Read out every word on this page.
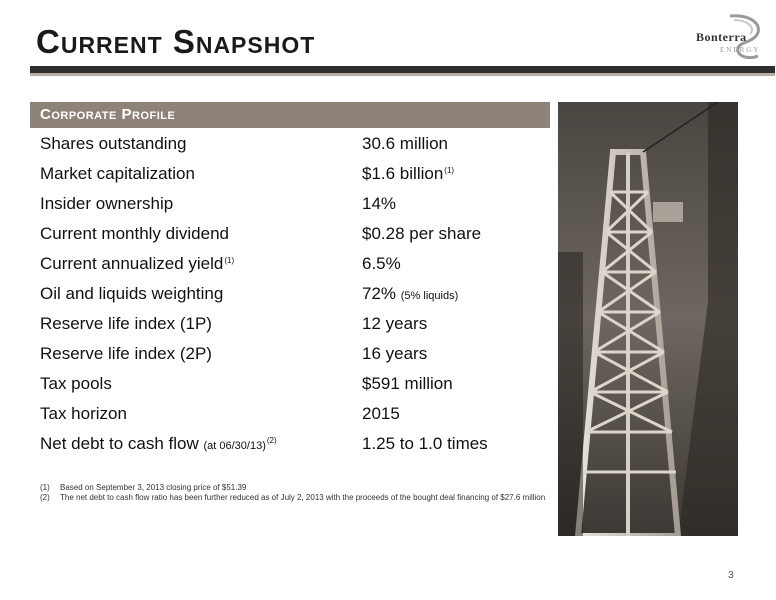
Current Snapshot	Bonterra
ENERGY
Corporate Profile
Shares outstanding	30.6 million
Market capitalization	$1.6 billion$^{(1)}$
Insider ownership	14%
Current monthly dividend	$0.28 per share
Current annualized yield$^{(1)}$	6.5%
Oil and liquids weighting	72% (5% liquids)
Reserve life index (1P)	12 years
Reserve life index (2P)	16 years
Tax pools	$591 million
Tax horizon	2015
Net debt to cash flow (at 06/30/13)$^{(2)}$	1.25 to 1.0 times
(1) Based on September 3, 2013 closing price of $51.39
(2) The net debt to cash flow ratio has been further reduced as of July 2, 2013 with the proceeds of the bought deal financing of $27.6 million
3
